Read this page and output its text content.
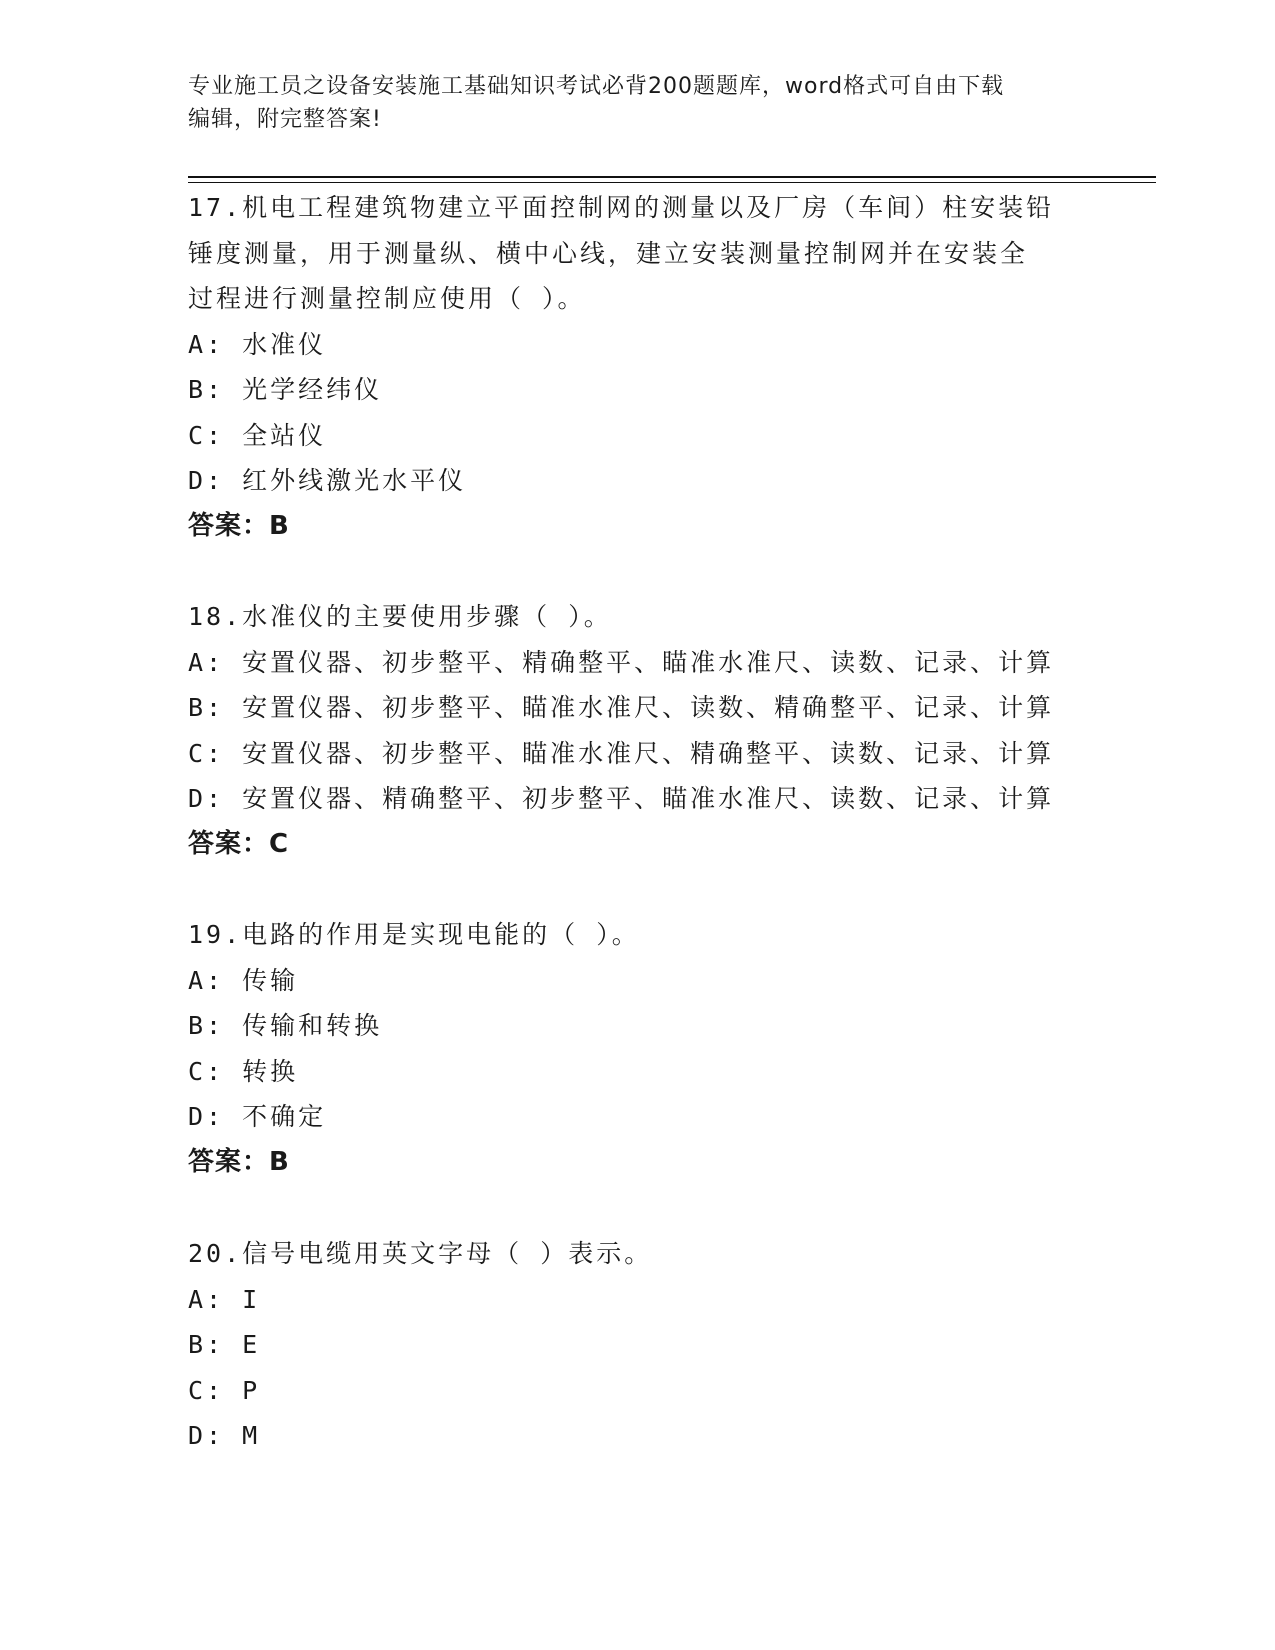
专业施工员之设备安装施工基础知识考试必背200题题库，word格式可自由下载
编辑，附完整答案!
17.机电工程建筑物建立平面控制网的测量以及厂房（车间）柱安装铅
锤度测量，用于测量纵、横中心线，建立安装测量控制网并在安装全
过程进行测量控制应使用（ ）。
A: 水准仪
B: 光学经纬仪
C: 全站仪
D: 红外线激光水平仪
答案：B
18.水准仪的主要使用步骤（ ）。
A: 安置仪器、初步整平、精确整平、瞄准水准尺、读数、记录、计算
B: 安置仪器、初步整平、瞄准水准尺、读数、精确整平、记录、计算
C: 安置仪器、初步整平、瞄准水准尺、精确整平、读数、记录、计算
D: 安置仪器、精确整平、初步整平、瞄准水准尺、读数、记录、计算
答案：C
19.电路的作用是实现电能的（ ）。
A: 传输
B: 传输和转换
C: 转换
D: 不确定
答案：B
20.信号电缆用英文字母（ ）表示。
A: I
B: E
C: P
D: M
